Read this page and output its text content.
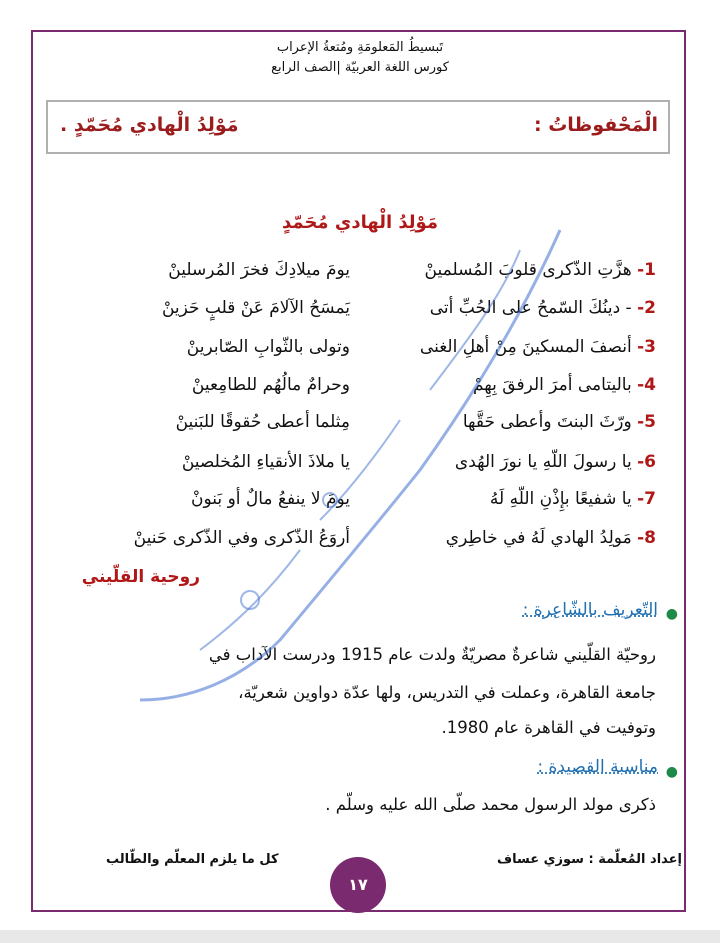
تَبسيطُ المَعلومَةِ ومُتعةُ الإعراب
كورس اللغة العربيّة |الصف الرابع
الْمَحْفوظاتُ :
مَوْلِدُ الْهادي مُحَمّدٍ .
مَوْلِدُ الْهادي مُحَمّدٍ
1- هزَّتِ الذّكرى قلوبَ المُسلمينْ
يومَ ميلادِكَ فخرَ المُرسلينْ
2- - دينُكَ السّمحُ على الحُبِّ أتى
يَمسَحُ الآلامَ عَنْ قلبٍ حَزينْ
3- أنصفَ المسكينَ مِنْ أهلِ الغنى
وتولى بالثّوابِ الصّابرينْ
4- باليتامى أمرَ الرفقَ بِهِمْ
وحرامٌ مالُهُم للطامِعينْ
5- ورّثَ البنتَ وأعطى حَقَّها
مِثلما أعطى حُقوقًا للبَنينْ
6- يا رسولَ اللّهِ يا نورَ الهُدى
يا ملاذَ الأنقياءِ المُخلصينْ
7- يا شفيعًا بإِذْنِ اللّهِ لَهُ
يومَ لا ينفعُ مالٌ أو بَنونْ
8- مَولِدُ الهادي لَهُ في خاطِري
أروَعُ الذّكرى وفي الذّكرى حَنينْ
روحية القلّيني
●
التّعريف بالشّاعِرة :
روحيّة القلّيني شاعرةٌ مصريّةٌ ولدت عام 1915 ودرست الآداب في
جامعة القاهرة، وعملت في التدريس، ولها عدّة دواوين شعريّة،
وتوفيت في القاهرة عام 1980.
●
مناسبة القصيدة :
ذكرى مولد الرسول محمد صلّى الله عليه وسلّم .
إعداد المُعلّمة : سوزي عساف
كل ما يلزم المعلّم والطّالب
١٧
